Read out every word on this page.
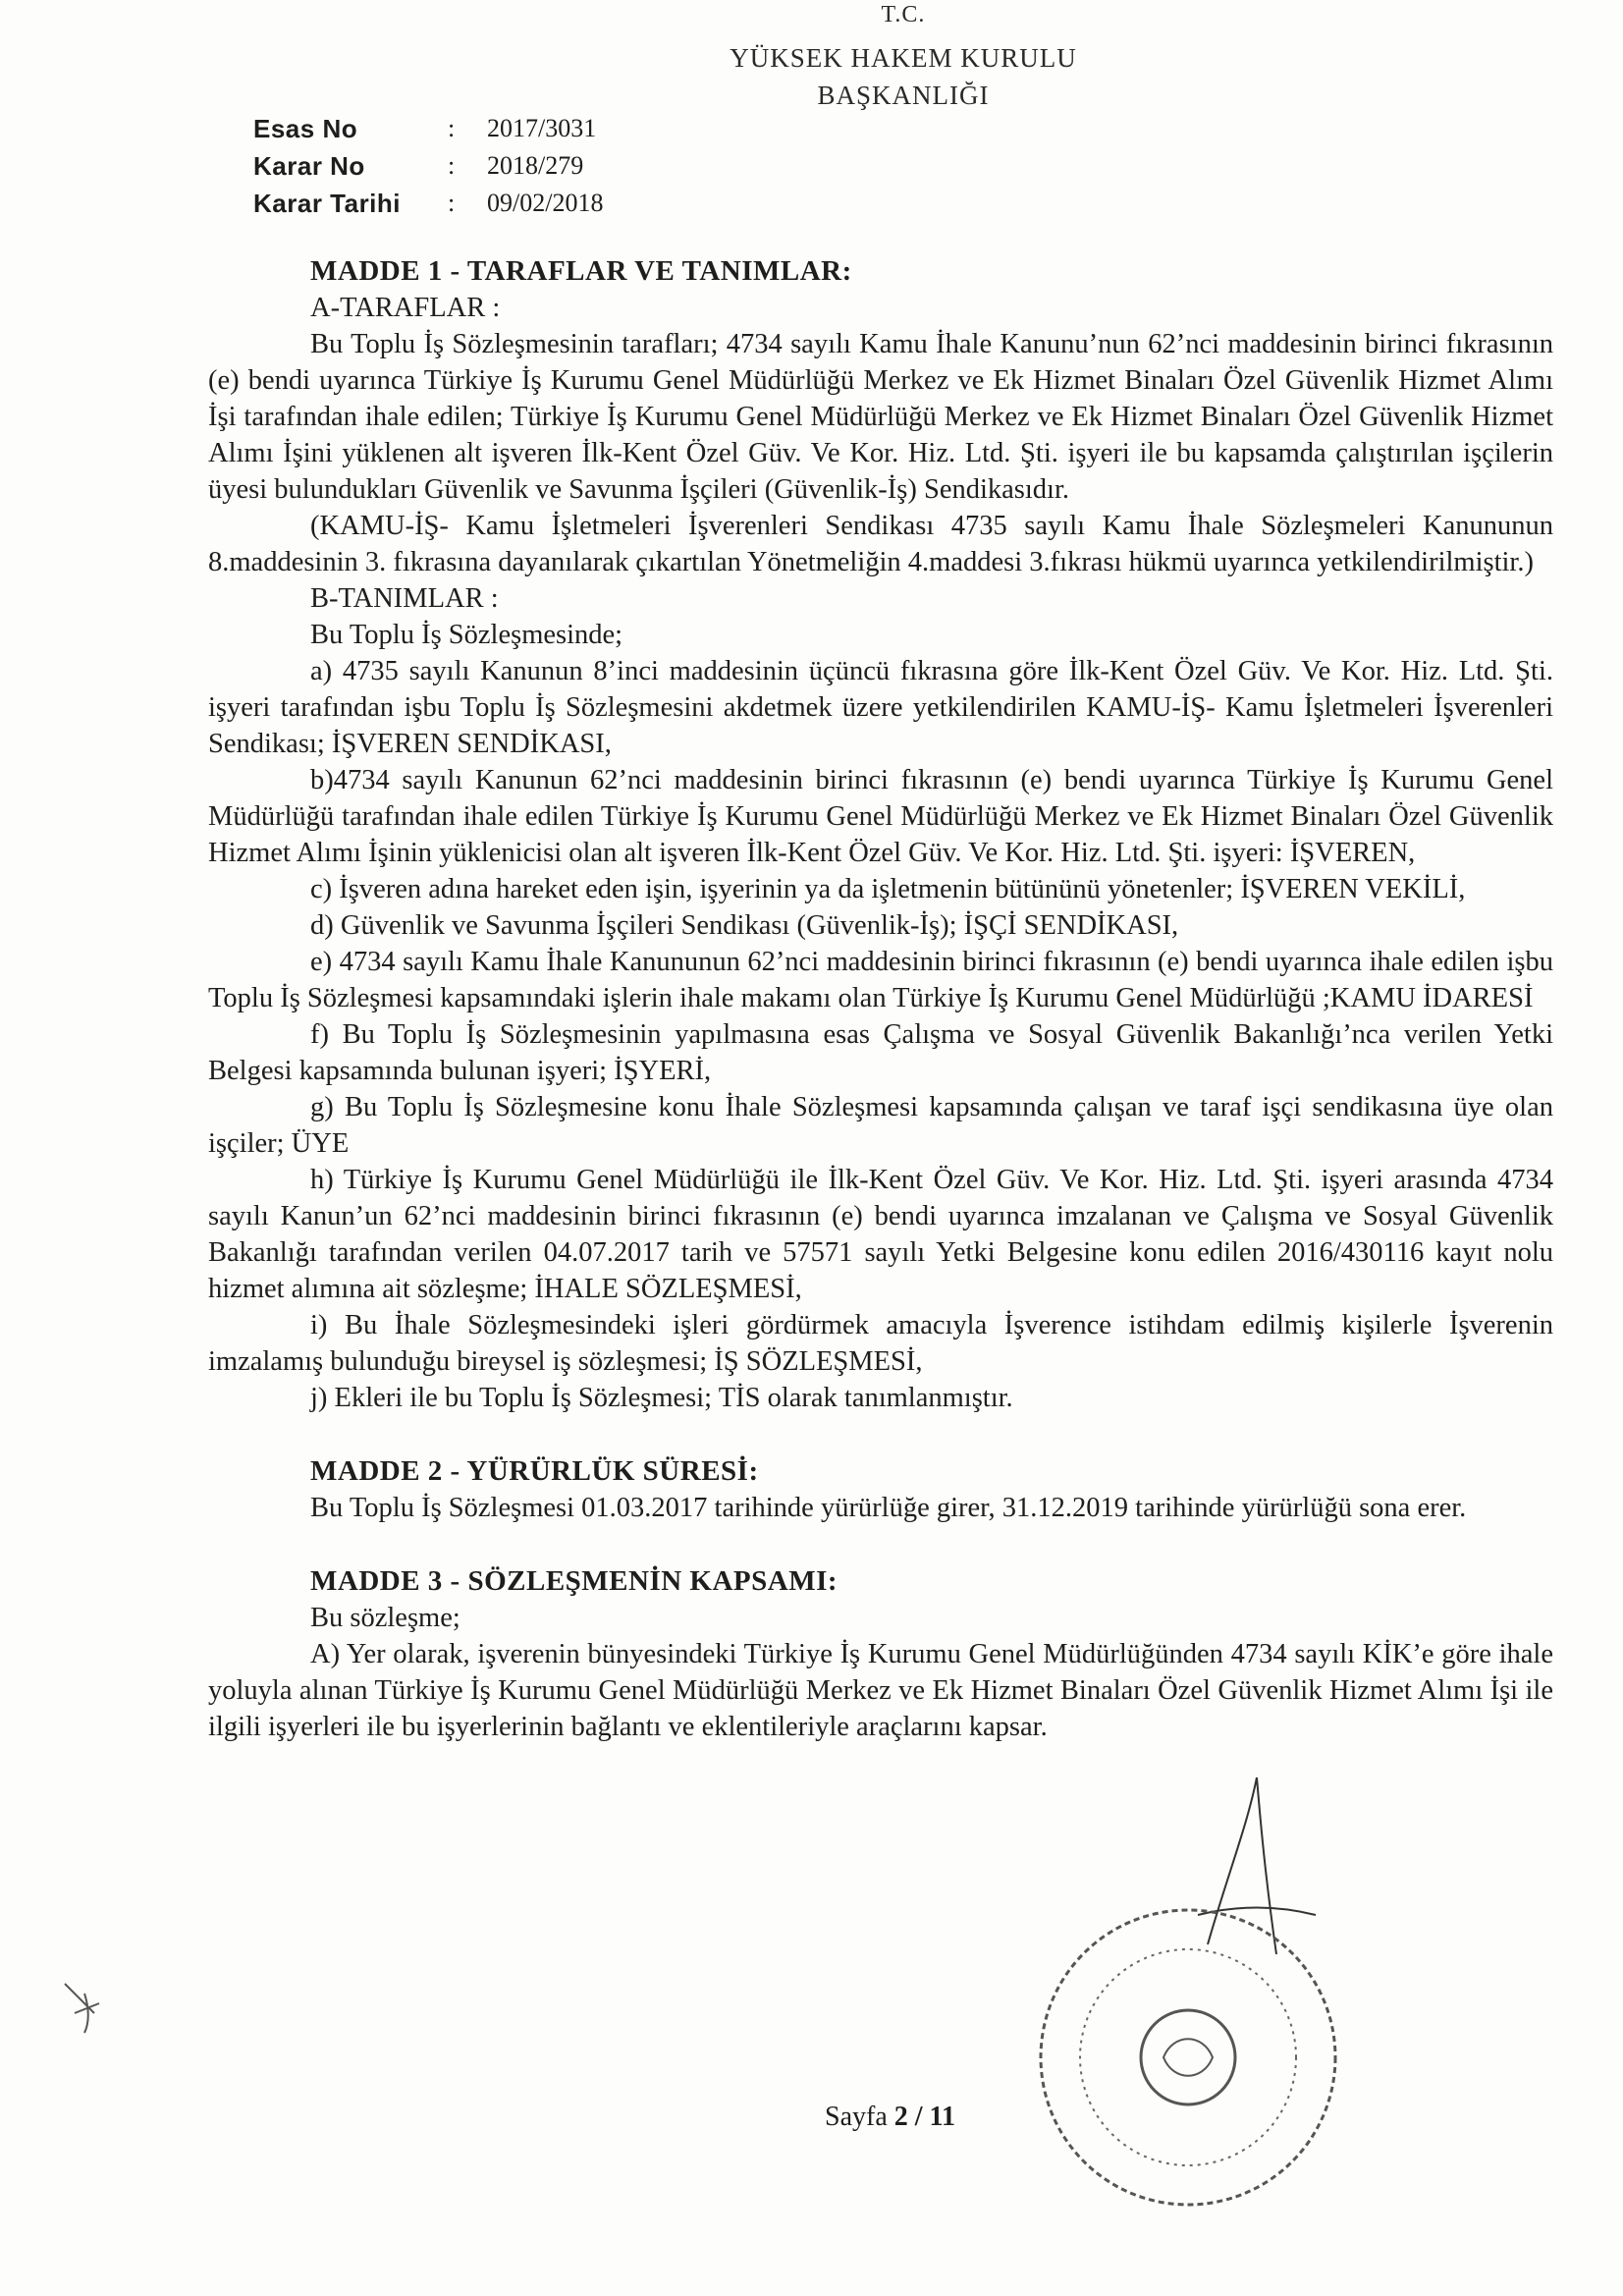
T.C.
YÜKSEK HAKEM KURULU
BAŞKANLIĞI
Esas No	:	2017/3031
Karar No	:	2018/279
Karar Tarihi	:	09/02/2018
MADDE 1 - TARAFLAR VE TANIMLAR:
A-TARAFLAR :

Bu Toplu İş Sözleşmesinin tarafları; 4734 sayılı Kamu İhale Kanunu’nun 62’nci maddesinin birinci fıkrasının (e) bendi uyarınca Türkiye İş Kurumu Genel Müdürlüğü Merkez ve Ek Hizmet Binaları Özel Güvenlik Hizmet Alımı İşi tarafından ihale edilen; Türkiye İş Kurumu Genel Müdürlüğü Merkez ve Ek Hizmet Binaları Özel Güvenlik Hizmet Alımı İşini yüklenen alt işveren İlk-Kent Özel Güv. Ve Kor. Hiz. Ltd. Şti. işyeri ile bu kapsamda çalıştırılan işçilerin üyesi bulundukları Güvenlik ve Savunma İşçileri (Güvenlik-İş) Sendikasıdır.

(KAMU-İŞ- Kamu İşletmeleri İşverenleri Sendikası 4735 sayılı Kamu İhale Sözleşmeleri Kanununun 8.maddesinin 3. fıkrasına dayanılarak çıkartılan Yönetmeliğin 4.maddesi 3.fıkrası hükmü uyarınca yetkilendirilmiştir.)

B-TANIMLAR :
Bu Toplu İş Sözleşmesinde;

a) 4735 sayılı Kanunun 8’inci maddesinin üçüncü fıkrasına göre İlk-Kent Özel Güv. Ve Kor. Hiz. Ltd. Şti. işyeri tarafından işbu Toplu İş Sözleşmesini akdetmek üzere yetkilendirilen KAMU-İŞ- Kamu İşletmeleri İşverenleri Sendikası; İŞVEREN SENDİKASI,

b)4734 sayılı Kanunun 62’nci maddesinin birinci fıkrasının (e) bendi uyarınca Türkiye İş Kurumu Genel Müdürlüğü tarafından ihale edilen Türkiye İş Kurumu Genel Müdürlüğü Merkez ve Ek Hizmet Binaları Özel Güvenlik Hizmet Alımı İşinin yüklenicisi olan alt işveren İlk-Kent Özel Güv. Ve Kor. Hiz. Ltd. Şti. işyeri: İŞVEREN,

c) İşveren adına hareket eden işin, işyerinin ya da işletmenin bütününü yönetenler; İŞVEREN VEKİLİ,

d) Güvenlik ve Savunma İşçileri Sendikası (Güvenlik-İş); İŞÇİ SENDİKASI,

e) 4734 sayılı Kamu İhale Kanununun 62’nci maddesinin birinci fıkrasının (e) bendi uyarınca ihale edilen işbu Toplu İş Sözleşmesi kapsamındaki işlerin ihale makamı olan Türkiye İş Kurumu Genel Müdürlüğü ;KAMU İDARESİ

f) Bu Toplu İş Sözleşmesinin yapılmasına esas Çalışma ve Sosyal Güvenlik Bakanlığı’nca verilen Yetki Belgesi kapsamında bulunan işyeri; İŞYERİ,

g) Bu Toplu İş Sözleşmesine konu İhale Sözleşmesi kapsamında çalışan ve taraf işçi sendikasına üye olan işçiler; ÜYE

h) Türkiye İş Kurumu Genel Müdürlüğü ile İlk-Kent Özel Güv. Ve Kor. Hiz. Ltd. Şti. işyeri arasında 4734 sayılı Kanun’un 62’nci maddesinin birinci fıkrasının (e) bendi uyarınca imzalanan ve Çalışma ve Sosyal Güvenlik Bakanlığı tarafından verilen 04.07.2017 tarih ve 57571 sayılı Yetki Belgesine konu edilen 2016/430116 kayıt nolu hizmet alımına ait sözleşme; İHALE SÖZLEŞMESİ,

i) Bu İhale Sözleşmesindeki işleri gördürmek amacıyla İşverence istihdam edilmiş kişilerle İşverenin imzalamış bulunduğu bireysel iş sözleşmesi; İŞ SÖZLEŞMESİ,

j) Ekleri ile bu Toplu İş Sözleşmesi; TİS olarak tanımlanmıştır.

MADDE 2 - YÜRÜRLÜK SÜRESİ:

Bu Toplu İş Sözleşmesi 01.03.2017 tarihinde yürürlüğe girer, 31.12.2019 tarihinde yürürlüğü sona erer.

MADDE 3 - SÖZLEŞMENİN KAPSAMI:
Bu sözleşme;

A) Yer olarak, işverenin bünyesindeki Türkiye İş Kurumu Genel Müdürlüğünden 4734 sayılı KİK’e göre ihale yoluyla alınan Türkiye İş Kurumu Genel Müdürlüğü Merkez ve Ek Hizmet Binaları Özel Güvenlik Hizmet Alımı İşi ile ilgili işyerleri ile bu işyerlerinin bağlantı ve eklentileriyle araçlarını kapsar.

Sayfa 2 / 11
